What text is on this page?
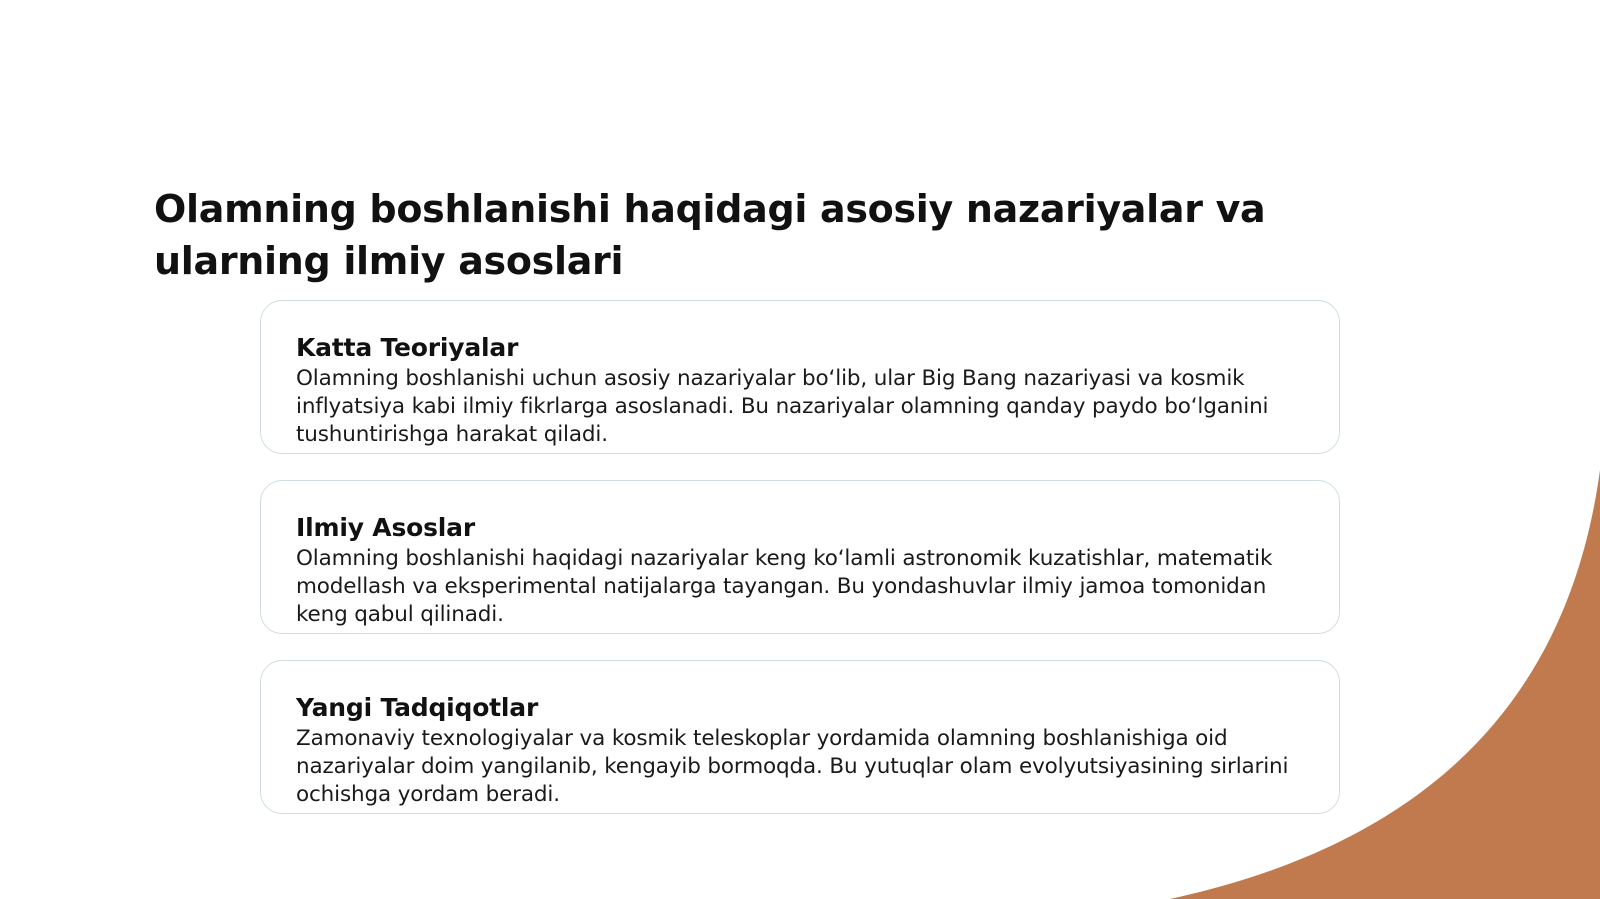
Olamning boshlanishi haqidagi asosiy nazariyalar va ularning ilmiy asoslari
Katta Teoriyalar

Olamning boshlanishi uchun asosiy nazariyalar bo‘lib, ular Big Bang nazariyasi va kosmik inflyatsiya kabi ilmiy fikrlarga asoslanadi. Bu nazariyalar olamning qanday paydo bo‘lganini tushuntirishga harakat qiladi.

Ilmiy Asoslar

Olamning boshlanishi haqidagi nazariyalar keng ko‘lamli astronomik kuzatishlar, matematik modellash va eksperimental natijalarga tayangan. Bu yondashuvlar ilmiy jamoa tomonidan keng qabul qilinadi.

Yangi Tadqiqotlar

Zamonaviy texnologiyalar va kosmik teleskoplar yordamida olamning boshlanishiga oid nazariyalar doim yangilanib, kengayib bormoqda. Bu yutuqlar olam evolyutsiyasining sirlarini ochishga yordam beradi.
